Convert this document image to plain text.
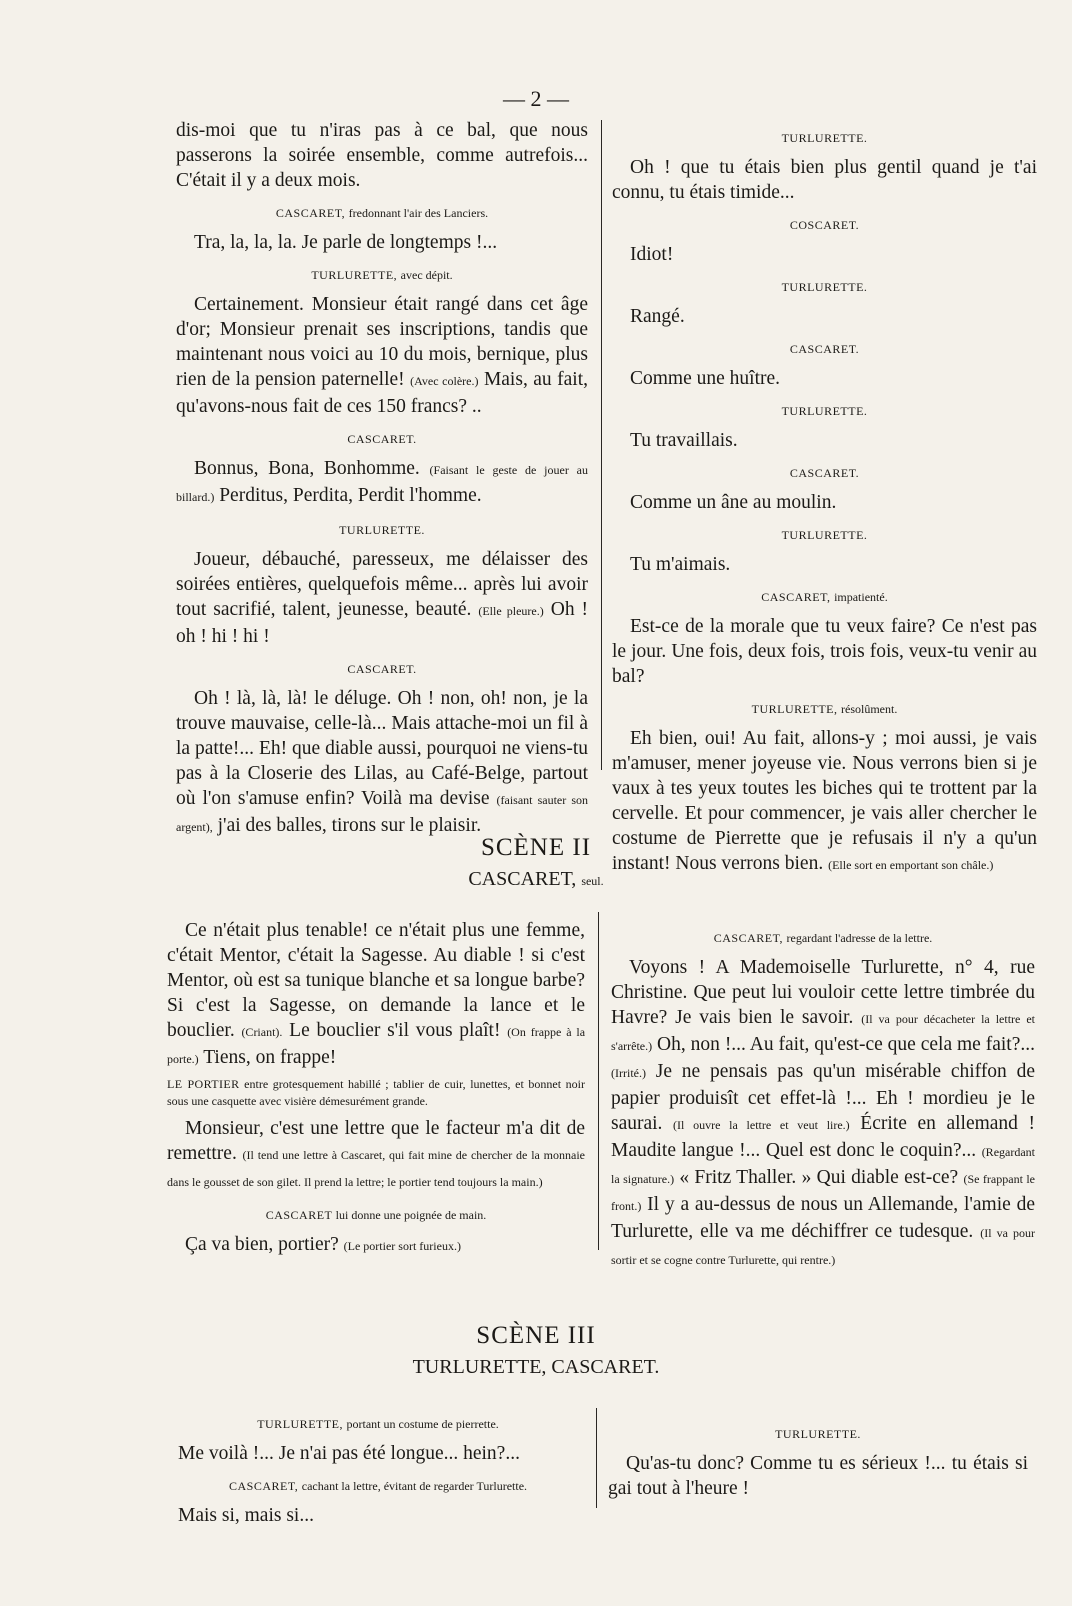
— 2 —

dis-moi que tu n'iras pas à ce bal, que nous passerons la soirée ensemble, comme autrefois... C'était il y a deux mois.

CASCARET, fredonnant l'air des Lanciers.

Tra, la, la, la. Je parle de longtemps !...

TURLURETTE, avec dépit.

Certainement. Monsieur était rangé dans cet âge d'or; Monsieur prenait ses inscriptions, tandis que maintenant nous voici au 10 du mois, bernique, plus rien de la pension paternelle! (Avec colère.) Mais, au fait, qu'avons-nous fait de ces 150 francs? ..

CASCARET.

Bonnus, Bona, Bonhomme. (Faisant le geste de jouer au billard.) Perditus, Perdita, Perdit l'homme.

TURLURETTE.

Joueur, débauché, paresseux, me délaisser des soirées entières, quelquefois même... après lui avoir tout sacrifié, talent, jeunesse, beauté. (Elle pleure.) Oh ! oh ! hi ! hi !

CASCARET.

Oh ! là, là, là! le déluge. Oh ! non, oh! non, je la trouve mauvaise, celle-là... Mais attache-moi un fil à la patte!... Eh! que diable aussi, pourquoi ne viens-tu pas à la Closerie des Lilas, au Café-Belge, partout où l'on s'amuse enfin? Voilà ma devise (faisant sauter son argent), j'ai des balles, tirons sur le plaisir.

TURLURETTE.

Oh ! que tu étais bien plus gentil quand je t'ai connu, tu étais timide...

COSCARET.

Idiot!

TURLURETTE.

Rangé.

CASCARET.

Comme une huître.

TURLURETTE.

Tu travaillais.

CASCARET.

Comme un âne au moulin.

TURLURETTE.

Tu m'aimais.

CASCARET, impatienté.

Est-ce de la morale que tu veux faire? Ce n'est pas le jour. Une fois, deux fois, trois fois, veux-tu venir au bal?

TURLURETTE, résolûment.

Eh bien, oui! Au fait, allons-y ; moi aussi, je vais m'amuser, mener joyeuse vie. Nous verrons bien si je vaux à tes yeux toutes les biches qui te trottent par la cervelle. Et pour commencer, je vais aller chercher le costume de Pierrette que je refusais il n'y a qu'un instant! Nous verrons bien. (Elle sort en emportant son châle.)

SCÈNE II
CASCARET, seul.

Ce n'était plus tenable! ce n'était plus une femme, c'était Mentor, c'était la Sagesse. Au diable ! si c'est Mentor, où est sa tunique blanche et sa longue barbe? Si c'est la Sagesse, on demande la lance et le bouclier. (Criant). Le bouclier s'il vous plaît! (On frappe à la porte.) Tiens, on frappe!

LE PORTIER entre grotesquement habillé ; tablier de cuir, lunettes, et bonnet noir sous une casquette avec visière démesurément grande.

Monsieur, c'est une lettre que le facteur m'a dit de remettre. (Il tend une lettre à Cascaret, qui fait mine de chercher de la monnaie dans le gousset de son gilet. Il prend la lettre; le portier tend toujours la main.)

CASCARET lui donne une poignée de main.

Ça va bien, portier? (Le portier sort furieux.)

CASCARET, regardant l'adresse de la lettre.

Voyons ! A Mademoiselle Turlurette, n° 4, rue Christine. Que peut lui vouloir cette lettre timbrée du Havre? Je vais bien le savoir. (Il va pour décacheter la lettre et s'arrête.) Oh, non !... Au fait, qu'est-ce que cela me fait?... (Irrité.) Je ne pensais pas qu'un misérable chiffon de papier produisît cet effet-là !... Eh ! mordieu je le saurai. (Il ouvre la lettre et veut lire.) Écrite en allemand ! Maudite langue !... Quel est donc le coquin?... (Regardant la signature.) « Fritz Thaller. » Qui diable est-ce? (Se frappant le front.) Il y a au-dessus de nous un Allemande, l'amie de Turlurette, elle va me déchiffrer ce tudesque. (Il va pour sortir et se cogne contre Turlurette, qui rentre.)

SCÈNE III
TURLURETTE, CASCARET.
TURLURETTE, portant un costume de pierrette.

Me voilà !... Je n'ai pas été longue... hein?...

CASCARET, cachant la lettre, évitant de regarder Turlurette.

Mais si, mais si...

TURLURETTE.

Qu'as-tu donc? Comme tu es sérieux !... tu étais si gai tout à l'heure !
